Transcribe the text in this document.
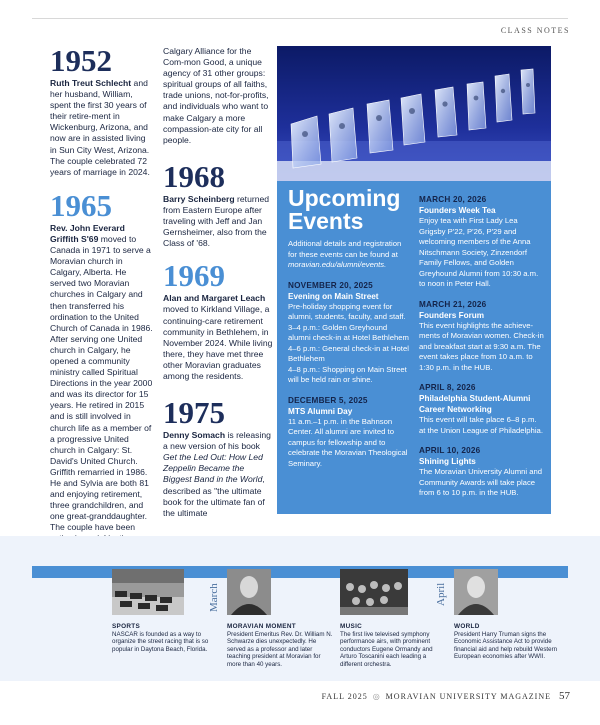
CLASS NOTES
1952

Ruth Treut Schlecht and her husband, William, spent the first 30 years of their retire-ment in Wickenburg, Arizona, and now are in assisted living in Sun City West, Arizona. The couple celebrated 72 years of marriage in 2024.

1965

Rev. John Everard Griffith S'69 moved to Canada in 1971 to serve a Moravian church in Calgary, Alberta. He served two Moravian churches in Calgary and then transferred his ordination to the United Church of Canada in 1986. After serving one United church in Calgary, he opened a community ministry called Spiritual Directions in the year 2000 and was its director for 15 years. He retired in 2015 and is still involved in church life as a member of a progressive United church in Calgary: St. David's United Church. Griffith remarried in 1986. He and Sylvia are both 81 and enjoying retirement, three grandchildren, and one great-granddaughter. The couple have been

Calgary Alliance for the Com-mon Good, a unique agency of 31 other groups: spiritual groups of all faiths, trade unions, not-for-profits, and individuals who want to make Calgary a more compassion-ate city for all people.

1968

Barry Scheinberg returned from Eastern Europe after traveling with Jeff and Jan Gernsheimer, also from the Class of '68.

1969

Alan and Margaret Leach moved to Kirkland Village, a continuing-care retirement community in Bethlehem, in November 2024. While living there, they have met three other Moravian graduates among the residents.

1975

Denny Somach is releasing a new version of his book Get the Led Out: How Led Zeppelin Became the Biggest Band in the World, described as "the ultimate book for the ultimate fan of the ultimate

Upcoming
Events
Additional details and registration for these events can be found at
moravian.edu/alumni/events.
NOVEMBER 20, 2025
Evening on Main Street
Pre-holiday shopping event for alumni, students, faculty, and staff.
3–4 p.m.: Golden Greyhound alumni check-in at Hotel Bethlehem
4–6 p.m.: General check-in at Hotel Bethlehem
4–8 p.m.: Shopping on Main Street will be held rain or shine.
DECEMBER 5, 2025
MTS Alumni Day
11 a.m.–1 p.m. in the Bahnson Center. All alumni are invited to campus for fellowship and to celebrate the Moravian Theological Seminary.
MARCH 20, 2026
Founders Week Tea
Enjoy tea with First Lady Lea Grigsby P'22, P'26, P'29 and welcoming members of the Anna Nitschmann Society, Zinzendorf Family Fellows, and Golden Greyhound Alumni from 10:30 a.m. to noon in Peter Hall.
MARCH 21, 2026
Founders Forum
This event highlights the achieve-ments of Moravian women. Check-in and breakfast start at 9:30 a.m. The event takes place from 10 a.m. to 1:30 p.m. in the HUB.
APRIL 8, 2026
Philadelphia Student-Alumni Career Networking
This event will take place 6–8 p.m. at the Union League of Philadelphia.
APRIL 10, 2026
Shining Lights
The Moravian University Alumni and Community Awards will take place from 6 to 10 p.m. in the HUB.
March	April
SPORTS
NASCAR is founded as a way to organize the street racing that is so popular in Daytona Beach, Florida.
MORAVIAN MOMENT
President Emeritus Rev. Dr. William N. Schwarze dies unexpectedly. He served as a professor and later teaching president at Moravian for more than 40 years.
MUSIC
The first live televised symphony performance airs, with prominent conductors Eugene Ormandy and Arturo Toscanini each leading a different orchestra.
WORLD
President Harry Truman signs the Economic Assistance Act to provide financial aid and help rebuild Western European economies after WWII.
FALL 2025 ◎ MORAVIAN UNIVERSITY MAGAZINE 57
